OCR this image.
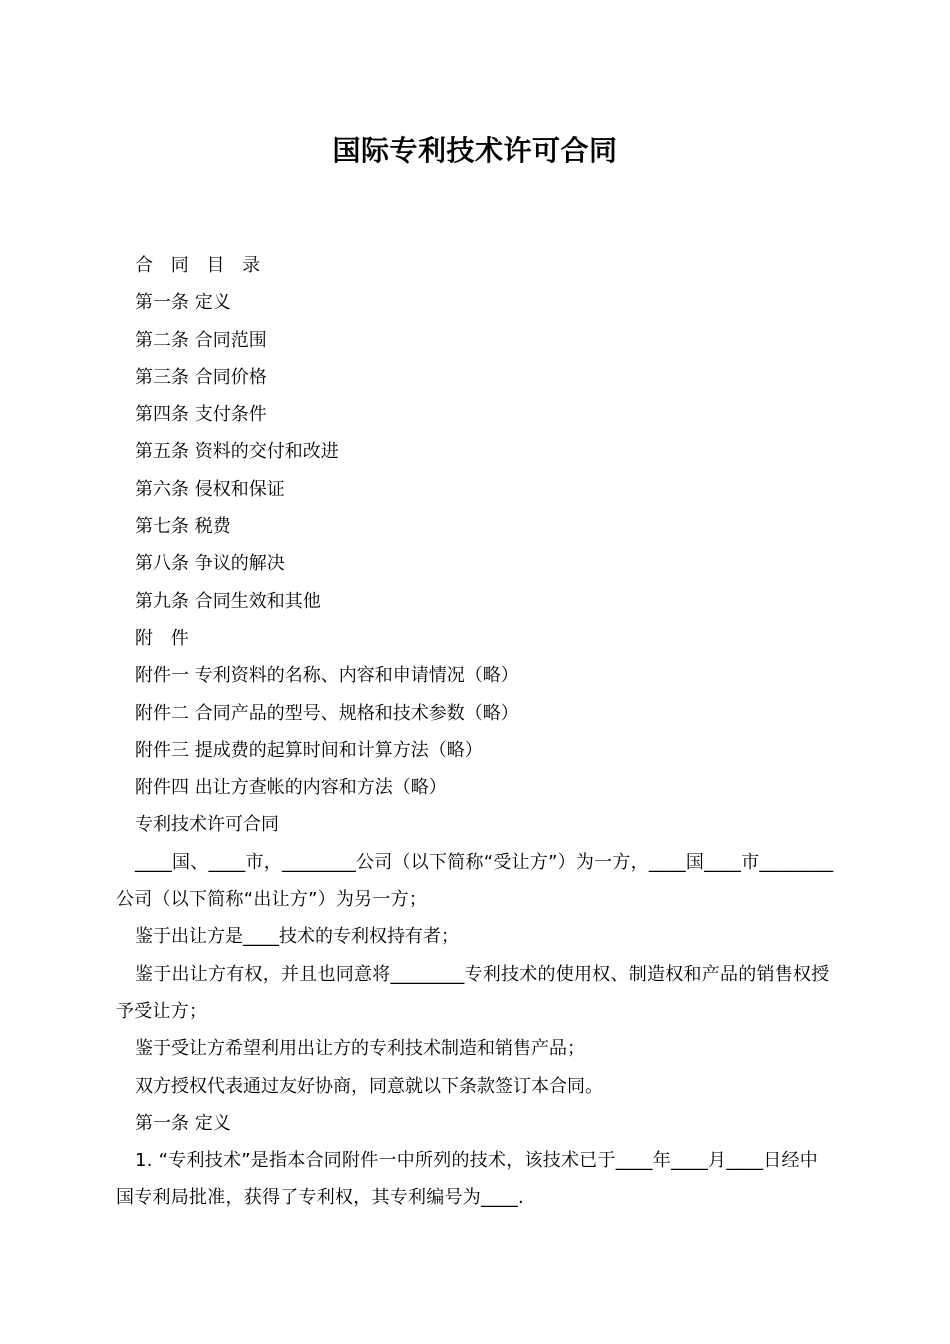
国际专利技术许可合同
合 同 目 录
第一条 定义
第二条 合同范围
第三条 合同价格
第四条 支付条件
第五条 资料的交付和改进
第六条 侵权和保证
第七条 税费
第八条 争议的解决
第九条 合同生效和其他
附 件
附件一 专利资料的名称、内容和申请情况（略）
附件二 合同产品的型号、规格和技术参数（略）
附件三 提成费的起算时间和计算方法（略）
附件四 出让方查帐的内容和方法（略）
专利技术许可合同
____国、____市，________公司（以下简称“受让方”）为一方，____国____市________公司（以下简称“出让方”）为另一方；
鉴于出让方是____技术的专利权持有者；
鉴于出让方有权，并且也同意将________专利技术的使用权、制造权和产品的销售权授予受让方；
鉴于受让方希望利用出让方的专利技术制造和销售产品；
双方授权代表通过友好协商，同意就以下条款签订本合同。
第一条 定义
1. “专利技术”是指本合同附件一中所列的技术，该技术已于____年____月____日经中国专利局批准，获得了专利权，其专利编号为____.
